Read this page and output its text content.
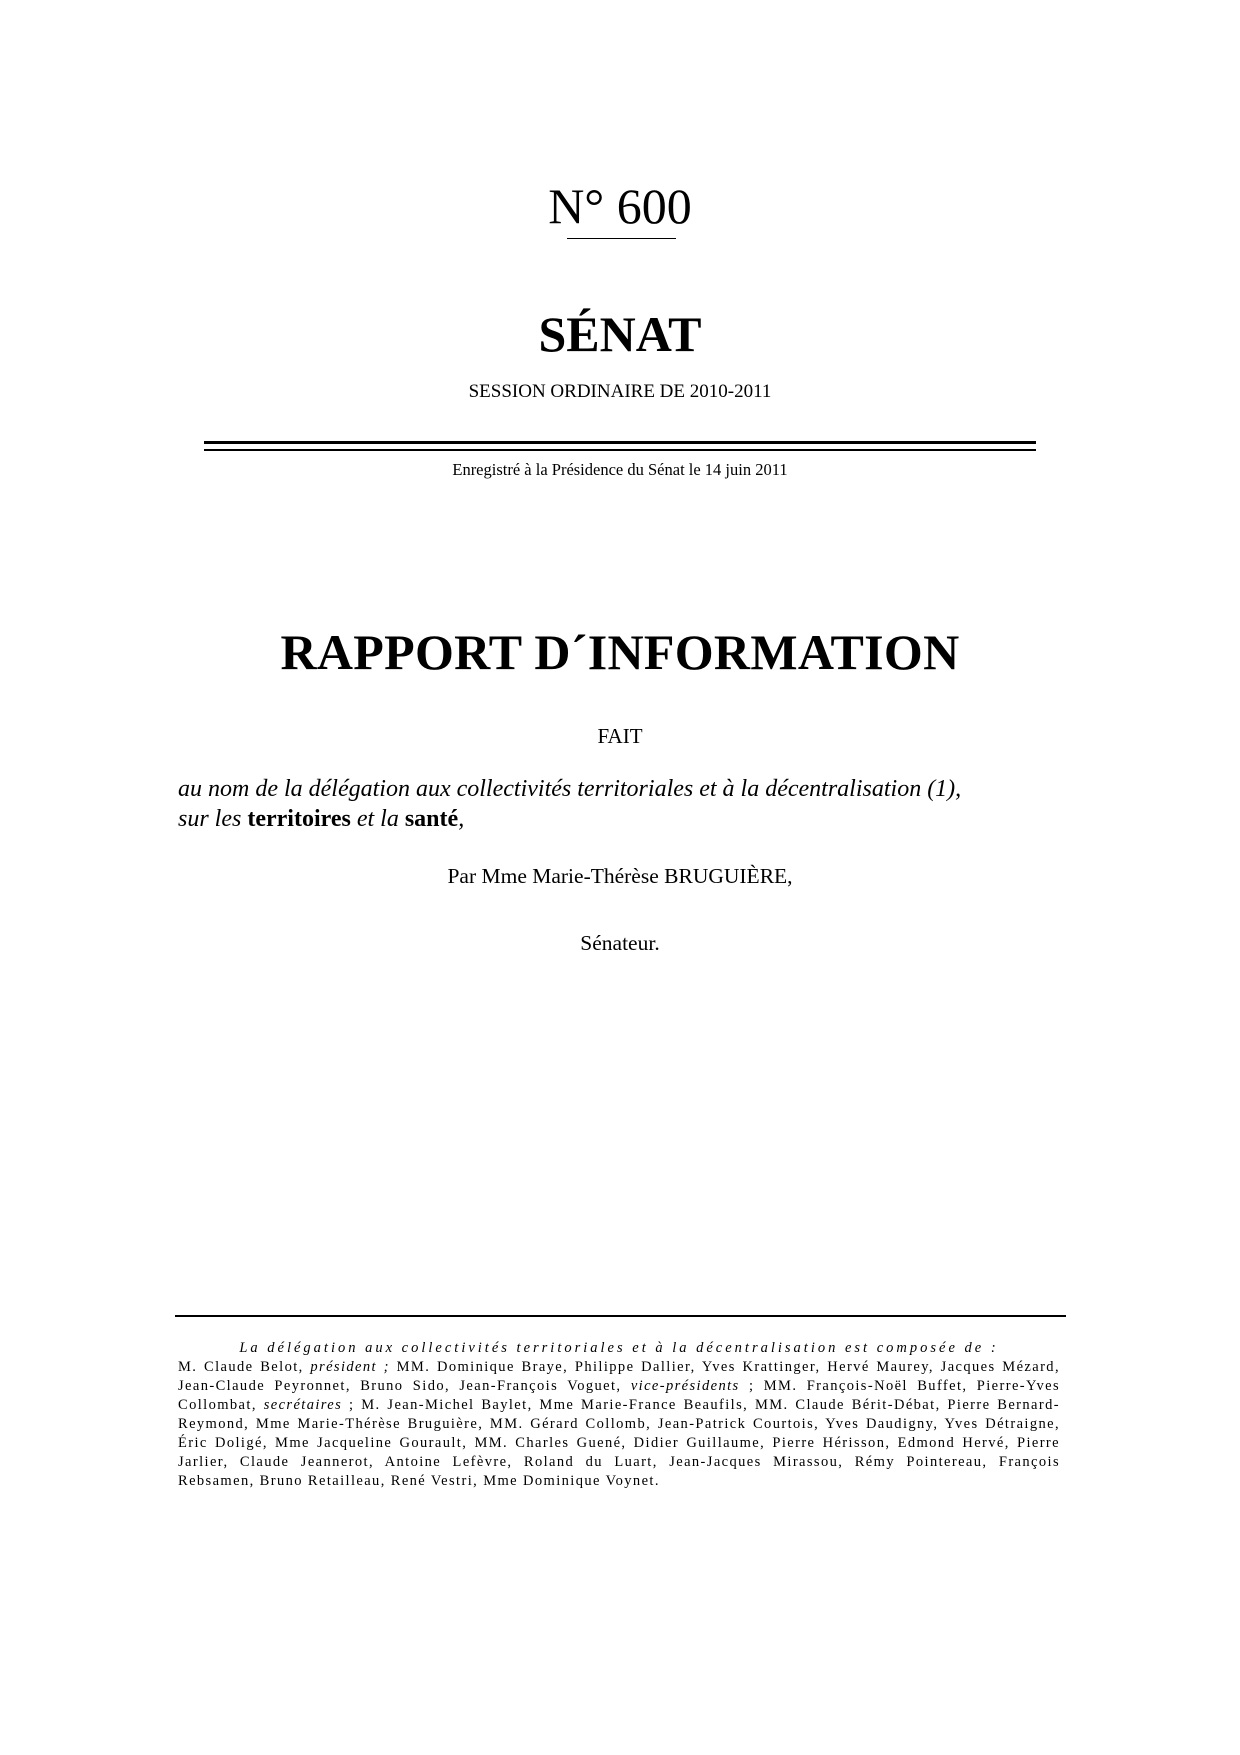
N° 600
SÉNAT
SESSION ORDINAIRE DE 2010-2011
Enregistré à la Présidence du Sénat le 14 juin 2011
RAPPORT D´INFORMATION
FAIT
au nom de la délégation aux collectivités territoriales et à la décentralisation (1),
sur les territoires et la santé,
Par Mme Marie-Thérèse BRUGUIÈRE,
Sénateur.
La délégation aux collectivités territoriales et à la décentralisation est composée de :
M. Claude Belot, président ; MM. Dominique Braye, Philippe Dallier, Yves Krattinger, Hervé Maurey, Jacques Mézard, Jean-Claude Peyronnet, Bruno Sido, Jean-François Voguet, vice-présidents ; MM. François-Noël Buffet, Pierre-Yves Collombat, secrétaires ; M. Jean-Michel Baylet, Mme Marie-France Beaufils, MM. Claude Bérit-Débat, Pierre Bernard-Reymond, Mme Marie-Thérèse Bruguière, MM. Gérard Collomb, Jean-Patrick Courtois, Yves Daudigny, Yves Détraigne, Éric Doligé, Mme Jacqueline Gourault, MM. Charles Guené, Didier Guillaume, Pierre Hérisson, Edmond Hervé, Pierre Jarlier, Claude Jeannerot, Antoine Lefèvre, Roland du Luart, Jean-Jacques Mirassou, Rémy Pointereau, François Rebsamen, Bruno Retailleau, René Vestri, Mme Dominique Voynet.
